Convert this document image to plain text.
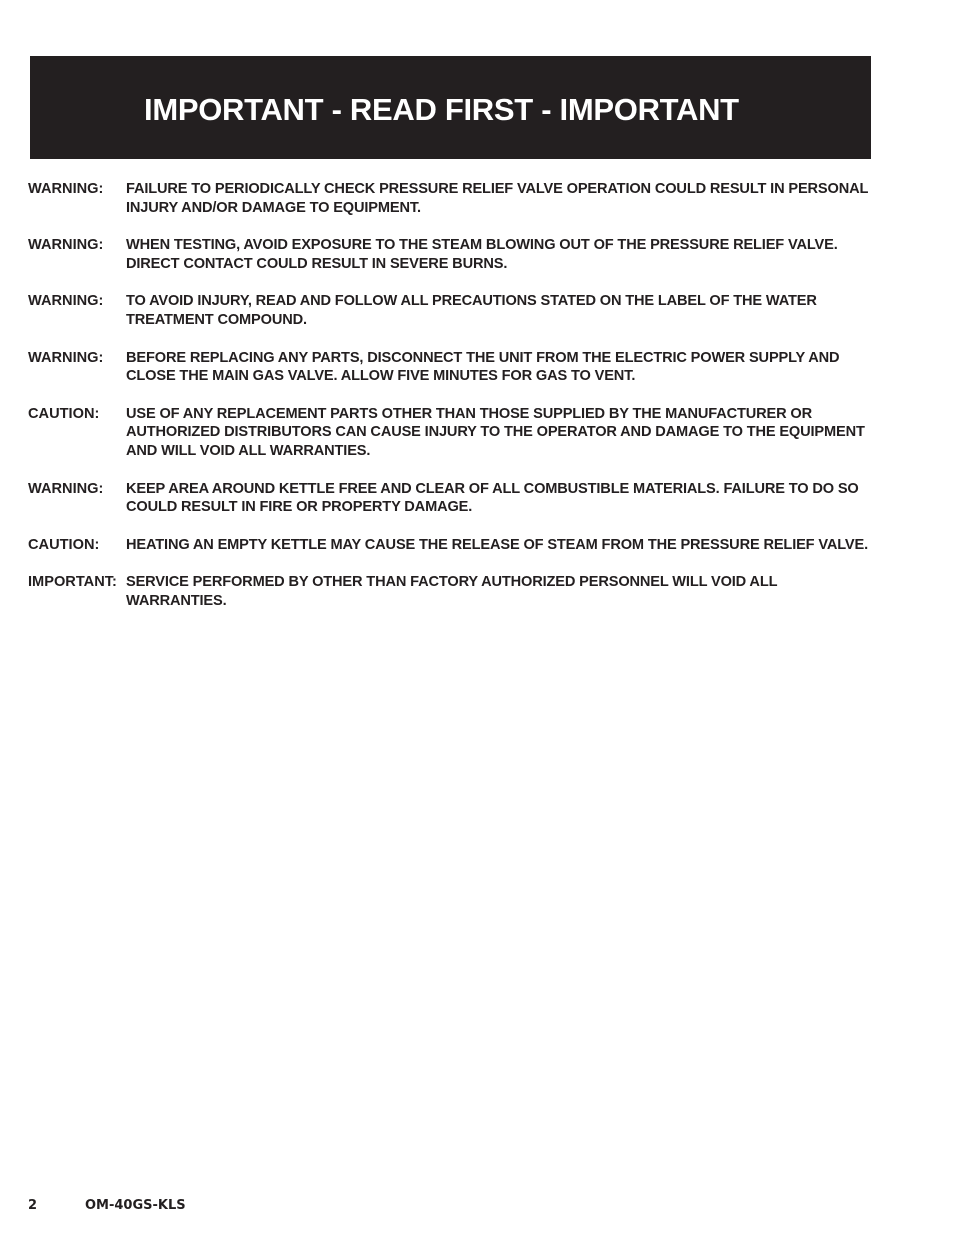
IMPORTANT - READ FIRST - IMPORTANT
WARNING:	FAILURE TO PERIODICALLY CHECK PRESSURE RELIEF VALVE OPERATION COULD RESULT IN PERSONAL INJURY AND/OR DAMAGE TO EQUIPMENT.
WARNING:	WHEN TESTING, AVOID EXPOSURE TO THE STEAM BLOWING OUT OF THE PRESSURE RELIEF VALVE. DIRECT CONTACT COULD RESULT IN SEVERE BURNS.
WARNING:	TO AVOID INJURY, READ AND FOLLOW ALL PRECAUTIONS STATED ON THE LABEL OF THE WATER TREATMENT COMPOUND.
WARNING:	BEFORE REPLACING ANY PARTS, DISCONNECT THE UNIT FROM THE ELECTRIC POWER SUPPLY AND CLOSE THE MAIN GAS VALVE. ALLOW FIVE MINUTES FOR GAS TO VENT.
CAUTION:	USE OF ANY REPLACEMENT PARTS OTHER THAN THOSE SUPPLIED BY THE MANUFACTURER OR AUTHORIZED DISTRIBUTORS CAN CAUSE INJURY TO THE OPERATOR AND DAMAGE TO THE EQUIPMENT AND WILL VOID ALL WARRANTIES.
WARNING:	KEEP AREA AROUND KETTLE FREE AND CLEAR OF ALL COMBUSTIBLE MATERIALS. FAILURE TO DO SO COULD RESULT IN FIRE OR PROPERTY DAMAGE.
CAUTION:	HEATING AN EMPTY KETTLE MAY CAUSE THE RELEASE OF STEAM FROM THE PRESSURE RELIEF VALVE.
IMPORTANT: SERVICE PERFORMED BY OTHER THAN FACTORY AUTHORIZED PERSONNEL WILL VOID ALL WARRANTIES.
2	OM-40GS-KLS
